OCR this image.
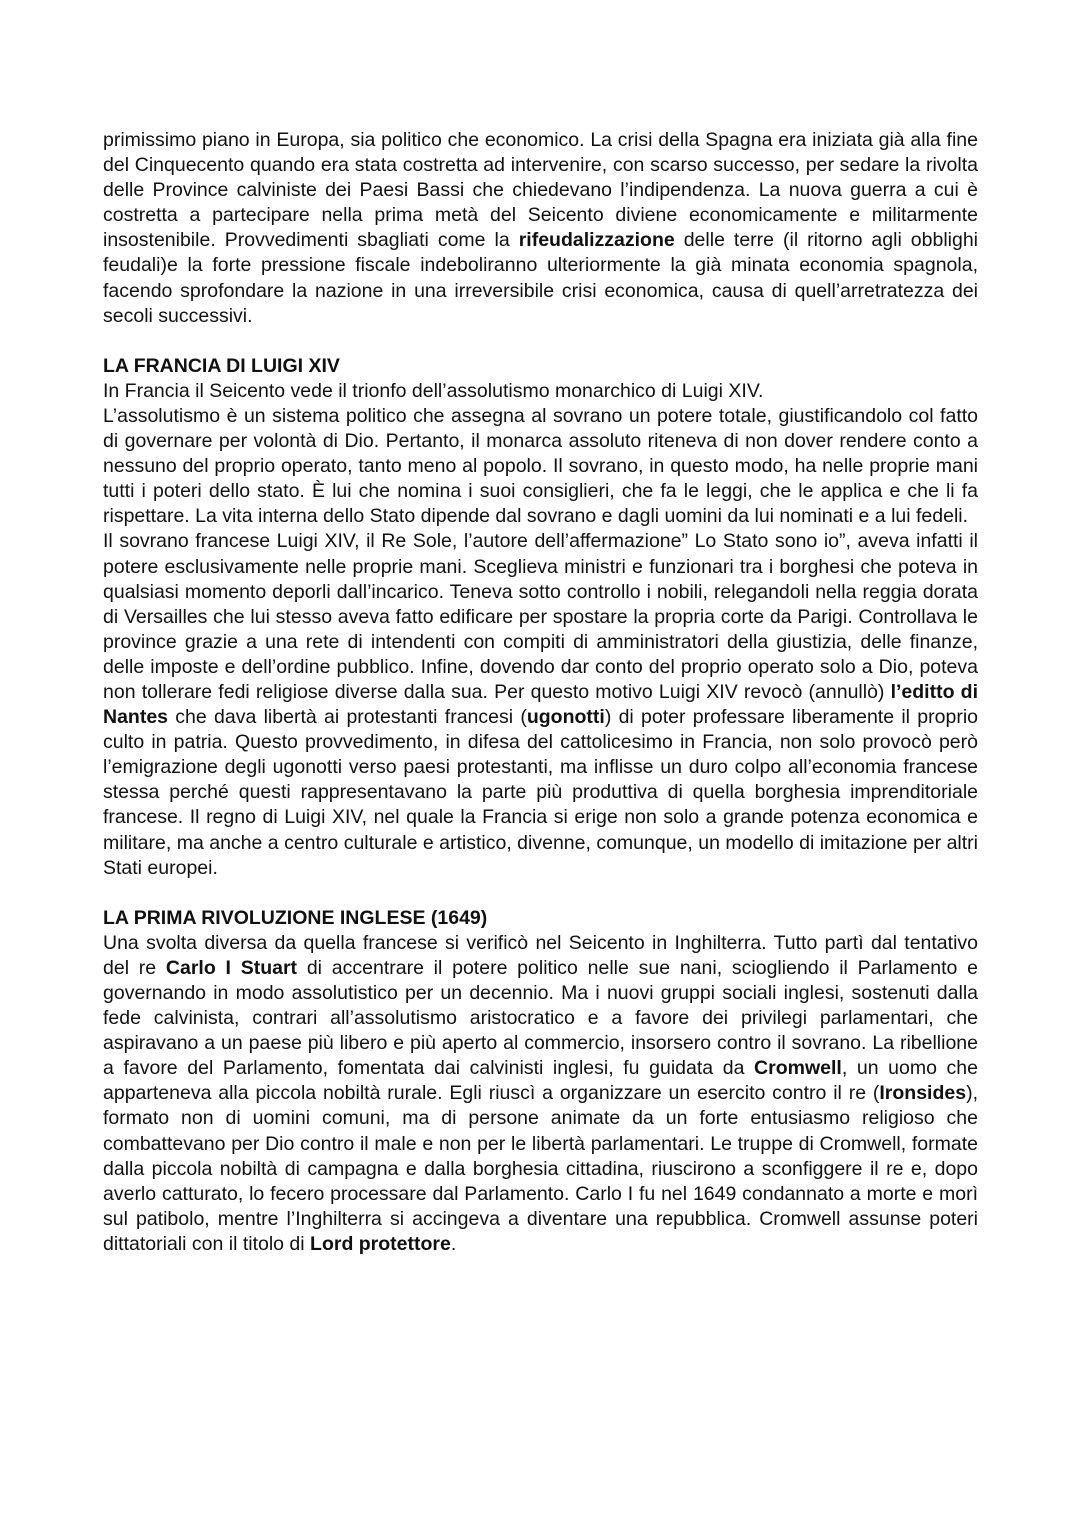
primissimo piano in Europa, sia politico che economico. La crisi della Spagna era iniziata già alla fine del Cinquecento quando era stata costretta ad intervenire, con scarso successo, per sedare la rivolta delle Province calviniste dei Paesi Bassi che chiedevano l’indipendenza. La nuova guerra a cui è costretta a partecipare nella prima metà del Seicento diviene economicamente e militarmente insostenibile. Provvedimenti sbagliati come la rifeudalizzazione delle terre (il ritorno agli obblighi feudali)e la forte pressione fiscale indeboliranno ulteriormente la già minata economia spagnola, facendo sprofondare la nazione in una irreversibile crisi economica, causa di quell’arretratezza dei secoli successivi.

LA FRANCIA DI LUIGI XIV

In Francia il Seicento vede il trionfo dell’assolutismo monarchico di Luigi XIV.

L’assolutismo è un sistema politico che assegna al sovrano un potere totale, giustificandolo col fatto di governare per volontà di Dio. Pertanto, il monarca assoluto riteneva di non dover rendere conto a nessuno del proprio operato, tanto meno al popolo. Il sovrano, in questo modo, ha nelle proprie mani tutti i poteri dello stato. È lui che nomina i suoi consiglieri, che fa le leggi, che le applica e che li fa rispettare. La vita interna dello Stato dipende dal sovrano e dagli uomini da lui nominati e a lui fedeli.

Il sovrano francese Luigi XIV, il Re Sole, l’autore dell’affermazione” Lo Stato sono io”, aveva infatti il potere esclusivamente nelle proprie mani. Sceglieva ministri e funzionari tra i borghesi che poteva in qualsiasi momento deporli dall’incarico. Teneva sotto controllo i nobili, relegandoli nella reggia dorata di Versailles che lui stesso aveva fatto edificare per spostare la propria corte da Parigi. Controllava le province grazie a una rete di intendenti con compiti di amministratori della giustizia, delle finanze, delle imposte e dell’ordine pubblico. Infine, dovendo dar conto del proprio operato solo a Dio, poteva non tollerare fedi religiose diverse dalla sua. Per questo motivo Luigi XIV revocò (annullò) l’editto di Nantes che dava libertà ai protestanti francesi (ugonotti) di poter professare liberamente il proprio culto in patria. Questo provvedimento, in difesa del cattolicesimo in Francia, non solo provocò però l’emigrazione degli ugonotti verso paesi protestanti, ma inflisse un duro colpo all’economia francese stessa perché questi rappresentavano la parte più produttiva di quella borghesia imprenditoriale francese. Il regno di Luigi XIV, nel quale la Francia si erige non solo a grande potenza economica e militare, ma anche a centro culturale e artistico, divenne, comunque, un modello di imitazione per altri Stati europei.

LA PRIMA RIVOLUZIONE INGLESE (1649)

Una svolta diversa da quella francese si verificò nel Seicento in Inghilterra. Tutto partì dal tentativo del re Carlo I Stuart di accentrare il potere politico nelle sue nani, sciogliendo il Parlamento e governando in modo assolutistico per un decennio. Ma i nuovi gruppi sociali inglesi, sostenuti dalla fede calvinista, contrari all’assolutismo aristocratico e a favore dei privilegi parlamentari, che aspiravano a un paese più libero e più aperto al commercio, insorsero contro il sovrano. La ribellione a favore del Parlamento, fomentata dai calvinisti inglesi, fu guidata da Cromwell, un uomo che apparteneva alla piccola nobiltà rurale. Egli riuscì a organizzare un esercito contro il re (Ironsides), formato non di uomini comuni, ma di persone animate da un forte entusiasmo religioso che combattevano per Dio contro il male e non per le libertà parlamentari. Le truppe di Cromwell, formate dalla piccola nobiltà di campagna e dalla borghesia cittadina, riuscirono a sconfiggere il re e, dopo averlo catturato, lo fecero processare dal Parlamento. Carlo I fu nel 1649 condannato a morte e morì sul patibolo, mentre l’Inghilterra si accingeva a diventare una repubblica. Cromwell assunse poteri dittatoriali con il titolo di Lord protettore.
